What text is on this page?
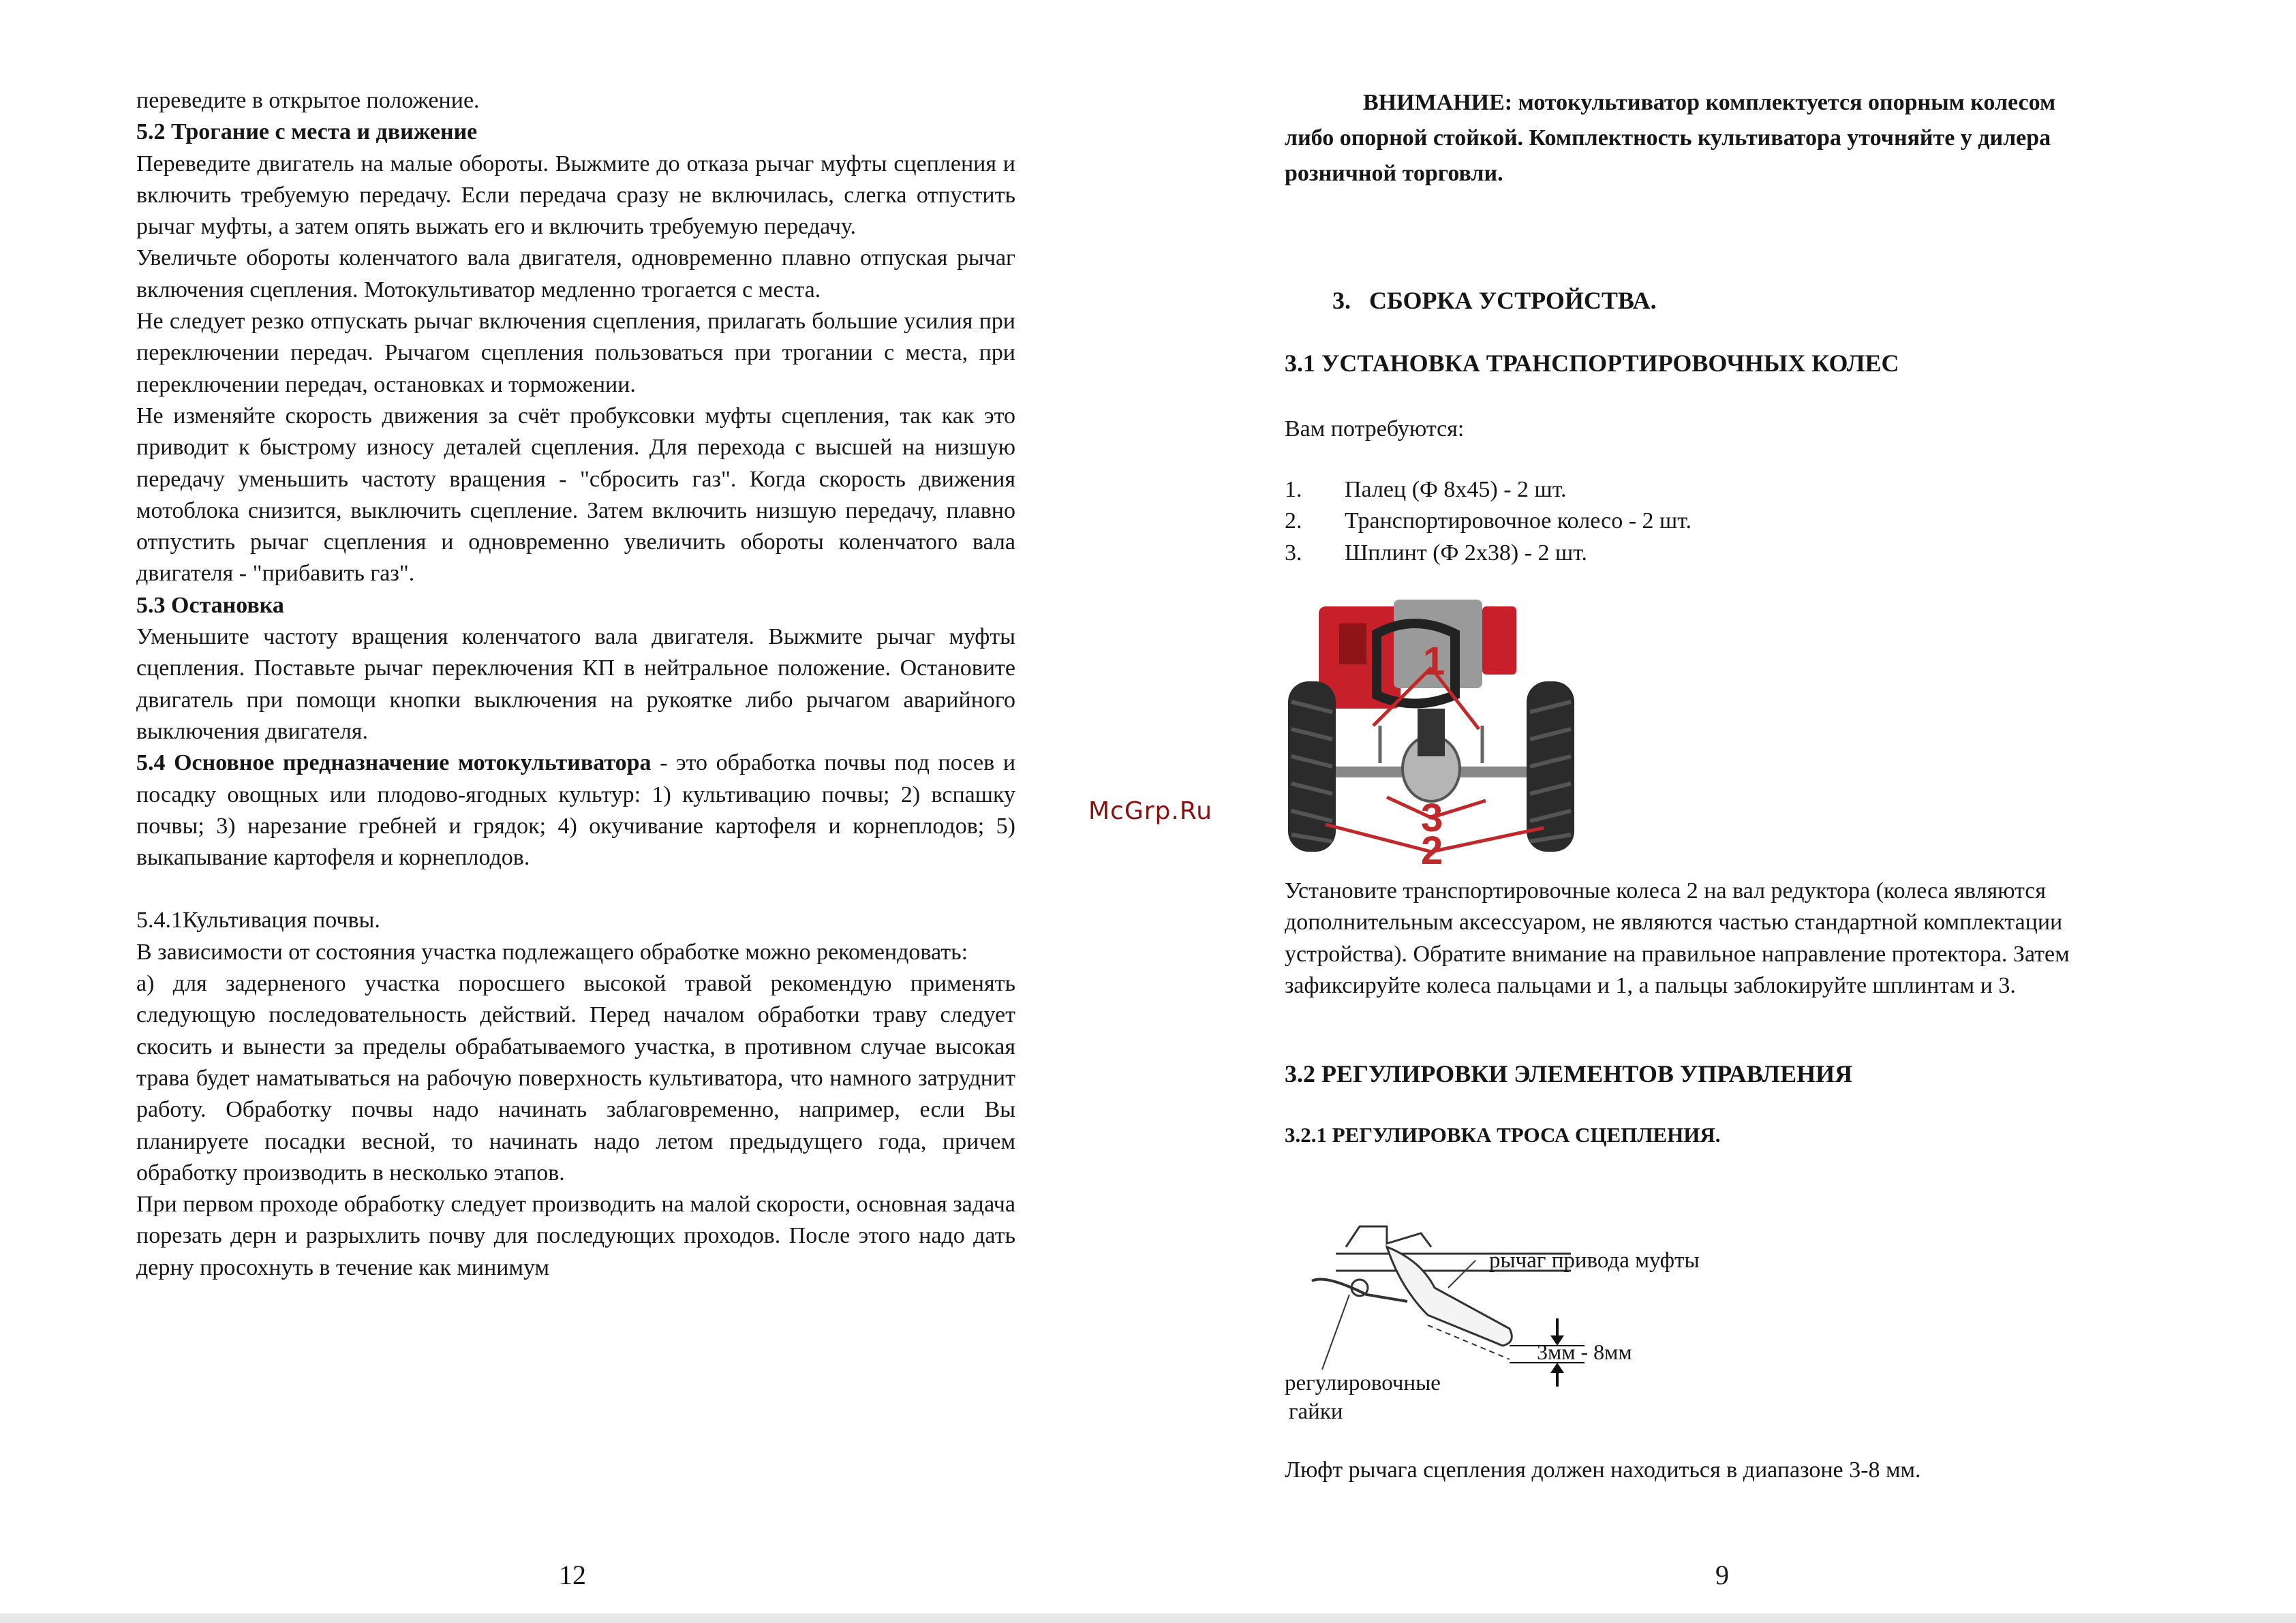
переведите в открытое положение.

5.2 Трогание с места и движение

Переведите двигатель на малые обороты. Выжмите до отказа рычаг муфты сцепления и включить требуемую передачу. Если передача сразу не включилась, слегка отпустить рычаг муфты, а затем опять выжать его и включить требуемую передачу.

Увеличьте обороты коленчатого вала двигателя, одновременно плавно отпуская рычаг включения сцепления. Мотокультиватор медленно трогается с места.

Не следует резко отпускать рычаг включения сцепления, прилагать большие усилия при переключении передач. Рычагом сцепления пользоваться при трогании с места, при переключении передач, остановках и торможении.

Не изменяйте скорость движения за счёт пробуксовки муфты сцепления, так как это приводит к быстрому износу деталей сцепления. Для перехода с высшей на низшую передачу уменьшить частоту вращения - "сбросить газ". Когда скорость движения мотоблока снизится, выключить сцепление. Затем включить низшую передачу, плавно отпустить рычаг сцепления и одновременно увеличить обороты коленчатого вала двигателя - "прибавить газ".

5.3 Остановка

Уменьшите частоту вращения коленчатого вала двигателя. Выжмите рычаг муфты сцепления. Поставьте рычаг переключения КП в нейтральное положение. Остановите двигатель при помощи кнопки выключения на рукоятке либо рычагом аварийного выключения двигателя.

5.4 Основное предназначение мотокультиватора - это обработка почвы под посев и посадку овощных или плодово-ягодных культур: 1) культивацию почвы; 2) вспашку почвы; 3) нарезание гребней и грядок; 4) окучивание картофеля и корнеплодов; 5) выкапывание картофеля и корнеплодов.

5.4.1Культивация почвы.

В зависимости от состояния участка подлежащего обработке можно рекомендовать:

а) для задерненого участка поросшего высокой травой рекомендую применять следующую последовательность действий. Перед началом обработки траву следует скосить и вынести за пределы обрабатываемого участка, в противном случае высокая трава будет наматываться на рабочую поверхность культиватора, что намного затруднит работу. Обработку почвы надо начинать заблаговременно, например, если Вы планируете посадки весной, то начинать надо летом предыдущего года, причем обработку производить в несколько этапов.

При первом проходе обработку следует производить на малой скорости, основная задача порезать дерн и разрыхлить почву для последующих проходов. После этого надо дать дерну просохнуть в течение как минимум

12
McGrp.Ru

ВНИМАНИЕ: мотокультиватор комплектуется опорным колесом либо опорной стойкой. Комплектность культиватора уточняйте у дилера розничной торговли.

3. СБОРКА УСТРОЙСТВА.
3.1 УСТАНОВКА ТРАНСПОРТИРОВОЧНЫХ КОЛЕС
Вам потребуются:
1.	Палец (Ф 8х45) - 2 шт.
2.	Транспортировочное колесо - 2 шт.
3.	Шплинт (Ф 2х38) - 2 шт.
1
3
2
Установите транспортировочные колеса 2 на вал редуктора (колеса являются дополнительным аксессуаром, не являются частью стандартной комплектации устройства). Обратите внимание на правильное направление протектора. Затем зафиксируйте колеса пальцами и 1, а пальцы заблокируйте шплинтам и 3.
3.2 РЕГУЛИРОВКИ ЭЛЕМЕНТОВ УПРАВЛЕНИЯ
3.2.1 РЕГУЛИРОВКА ТРОСА СЦЕПЛЕНИЯ.
рычаг привода муфты
3мм - 8мм
регулировочные
гайки
Люфт рычага сцепления должен находиться в диапазоне 3-8 мм.
9
